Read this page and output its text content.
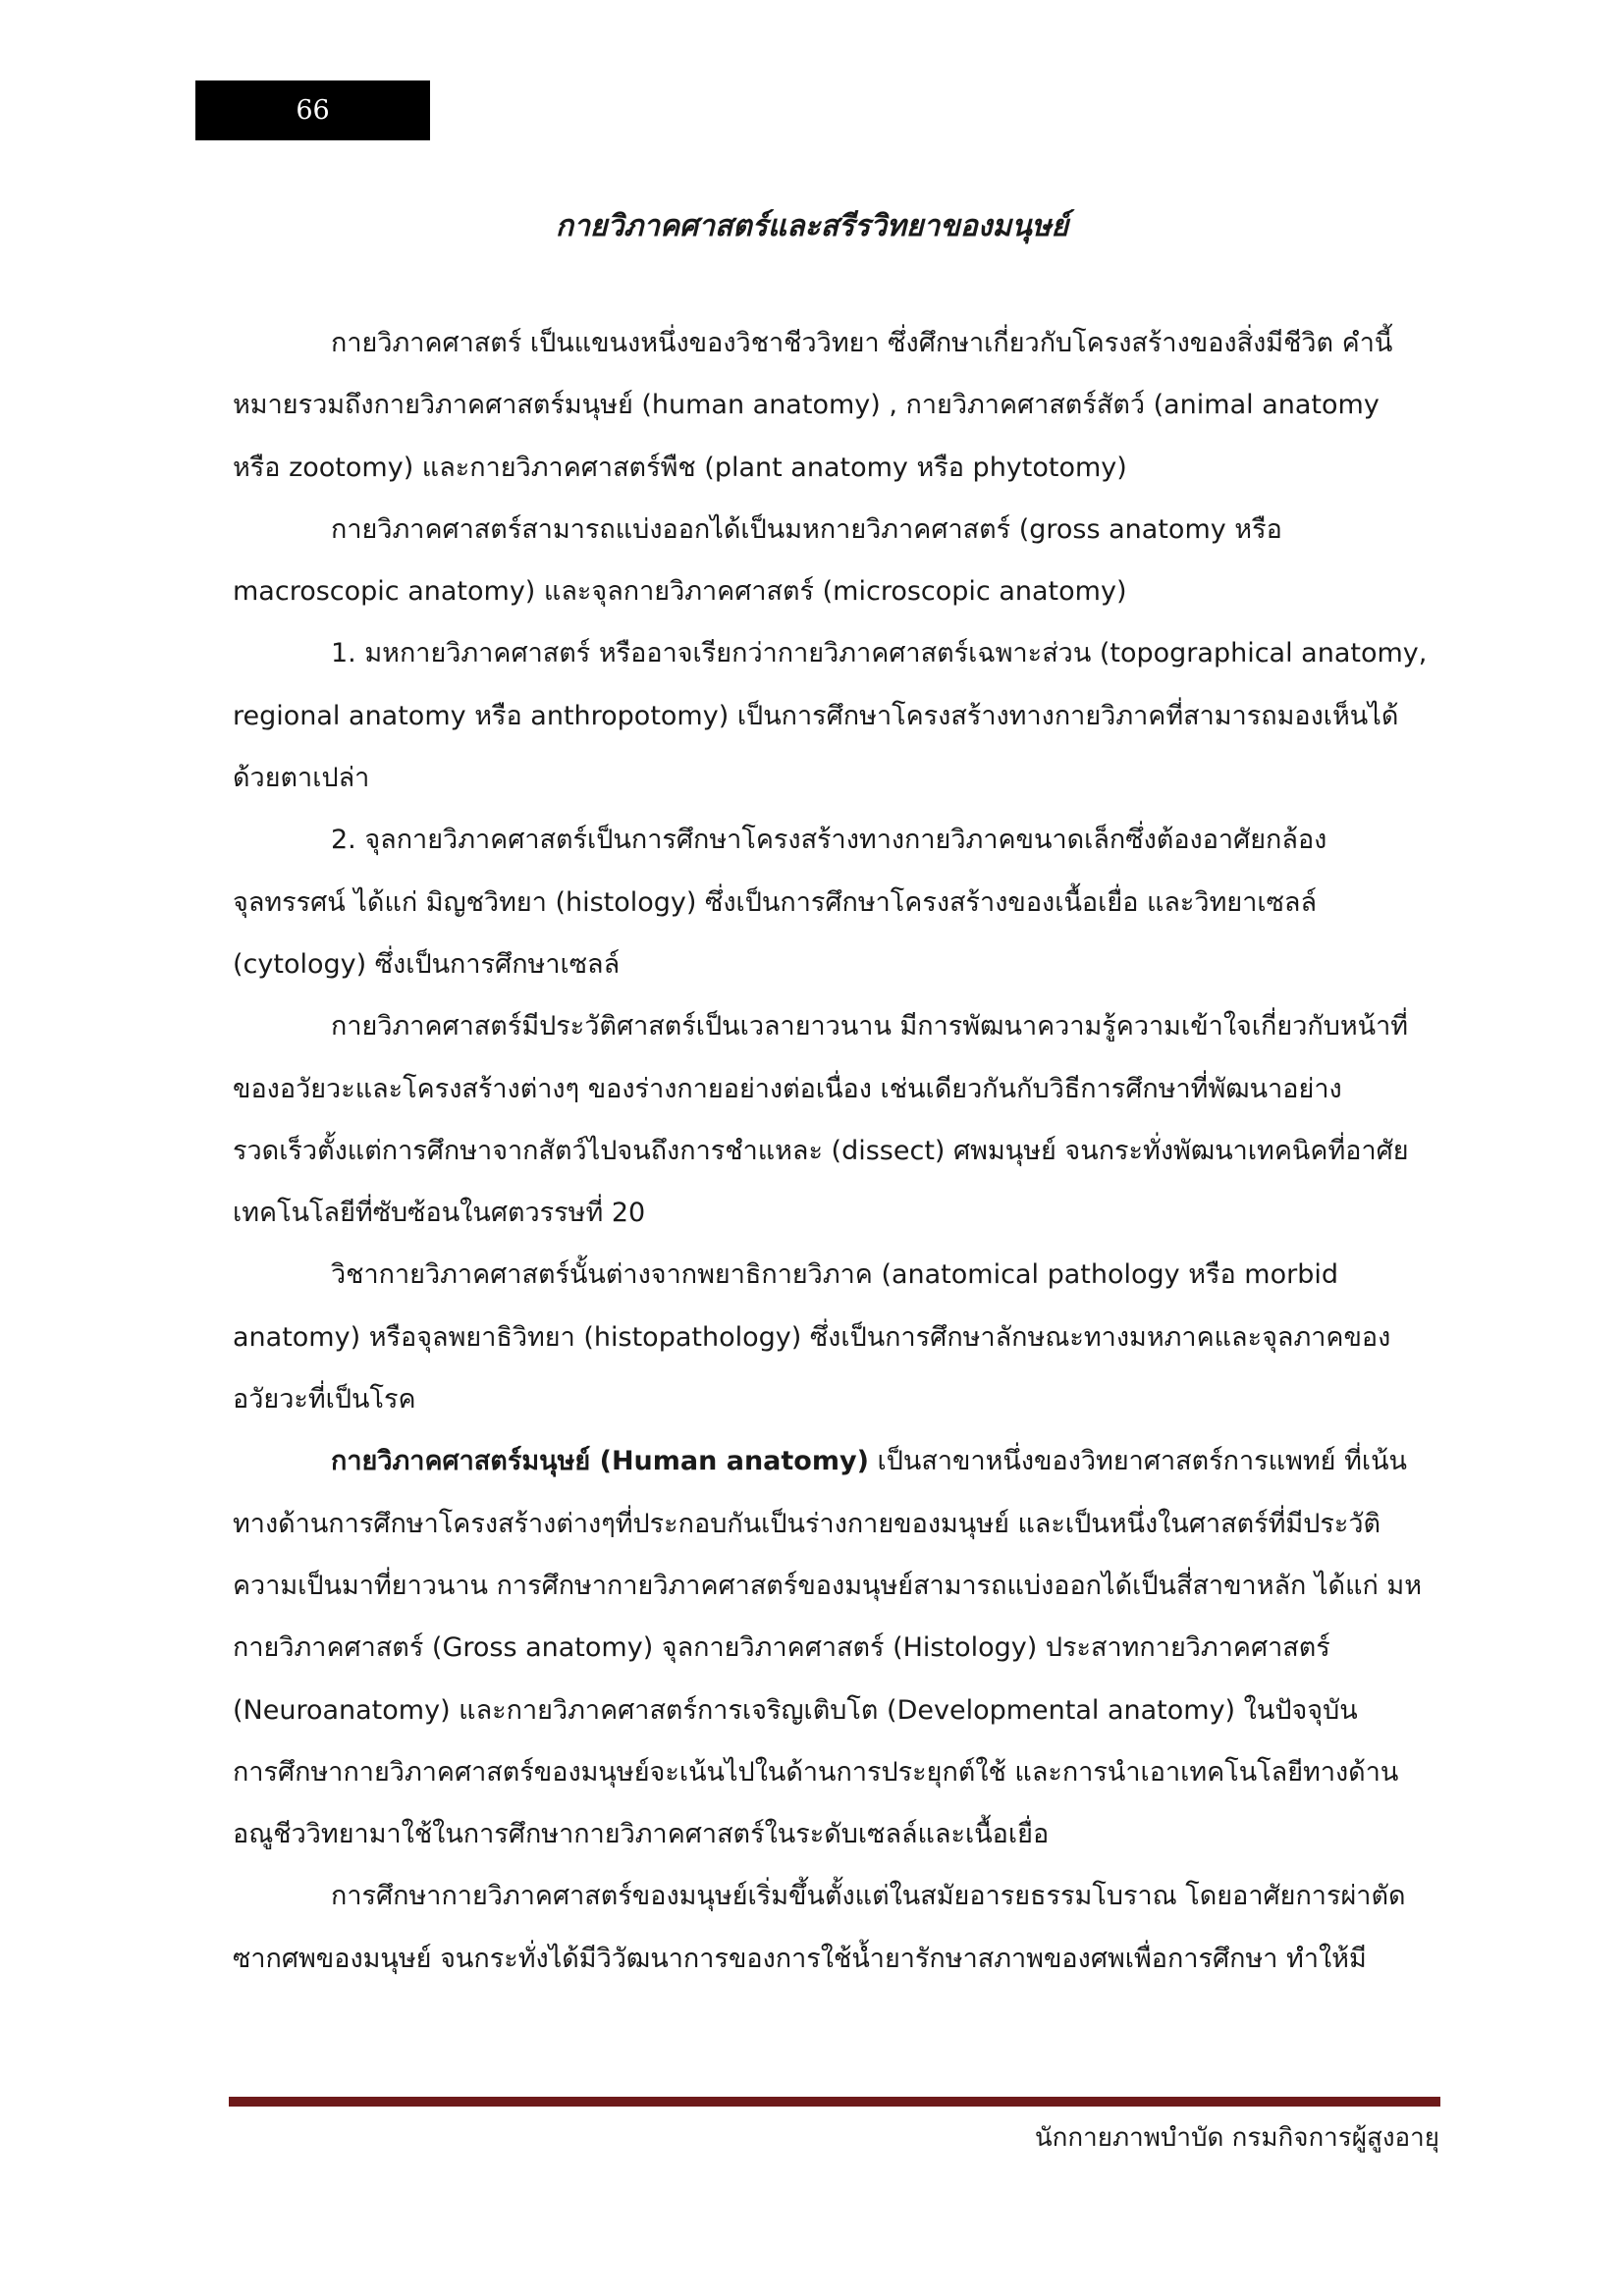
66
กายวิภาคศาสตร์และสรีรวิทยาของมนุษย์

กายวิภาคศาสตร์ เป็นแขนงหนึ่งของวิชาชีววิทยา ซึ่งศึกษาเกี่ยวกับโครงสร้างของสิ่งมีชีวิต คำนี้
หมายรวมถึงกายวิภาคศาสตร์มนุษย์ (human anatomy) , กายวิภาคศาสตร์สัตว์ (animal anatomy
หรือ zootomy) และกายวิภาคศาสตร์พืช (plant anatomy หรือ phytotomy)

กายวิภาคศาสตร์สามารถแบ่งออกได้เป็นมหกายวิภาคศาสตร์ (gross anatomy หรือ
macroscopic anatomy) และจุลกายวิภาคศาสตร์ (microscopic anatomy)

1. มหกายวิภาคศาสตร์ หรืออาจเรียกว่ากายวิภาคศาสตร์เฉพาะส่วน (topographical anatomy,
regional anatomy หรือ anthropotomy) เป็นการศึกษาโครงสร้างทางกายวิภาคที่สามารถมองเห็นได้
ด้วยตาเปล่า

2. จุลกายวิภาคศาสตร์เป็นการศึกษาโครงสร้างทางกายวิภาคขนาดเล็กซึ่งต้องอาศัยกล้อง
จุลทรรศน์ ได้แก่ มิญชวิทยา (histology) ซึ่งเป็นการศึกษาโครงสร้างของเนื้อเยื่อ และวิทยาเซลล์
(cytology) ซึ่งเป็นการศึกษาเซลล์

กายวิภาคศาสตร์มีประวัติศาสตร์เป็นเวลายาวนาน มีการพัฒนาความรู้ความเข้าใจเกี่ยวกับหน้าที่
ของอวัยวะและโครงสร้างต่างๆ ของร่างกายอย่างต่อเนื่อง เช่นเดียวกันกับวิธีการศึกษาที่พัฒนาอย่าง
รวดเร็วตั้งแต่การศึกษาจากสัตว์ไปจนถึงการชำแหละ (dissect) ศพมนุษย์ จนกระทั่งพัฒนาเทคนิคที่อาศัย
เทคโนโลยีที่ซับซ้อนในศตวรรษที่ 20

วิชากายวิภาคศาสตร์นั้นต่างจากพยาธิกายวิภาค (anatomical pathology หรือ morbid
anatomy) หรือจุลพยาธิวิทยา (histopathology) ซึ่งเป็นการศึกษาลักษณะทางมหภาคและจุลภาคของ
อวัยวะที่เป็นโรค

กายวิภาคศาสตร์มนุษย์ (Human anatomy) เป็นสาขาหนึ่งของวิทยาศาสตร์การแพทย์ ที่เน้น
ทางด้านการศึกษาโครงสร้างต่างๆที่ประกอบกันเป็นร่างกายของมนุษย์ และเป็นหนึ่งในศาสตร์ที่มีประวัติ
ความเป็นมาที่ยาวนาน การศึกษากายวิภาคศาสตร์ของมนุษย์สามารถแบ่งออกได้เป็นสี่สาขาหลัก ได้แก่ มห
กายวิภาคศาสตร์ (Gross anatomy) จุลกายวิภาคศาสตร์ (Histology) ประสาทกายวิภาคศาสตร์
(Neuroanatomy) และกายวิภาคศาสตร์การเจริญเติบโต (Developmental anatomy) ในปัจจุบัน
การศึกษากายวิภาคศาสตร์ของมนุษย์จะเน้นไปในด้านการประยุกต์ใช้ และการนำเอาเทคโนโลยีทางด้าน
อณูชีววิทยามาใช้ในการศึกษากายวิภาคศาสตร์ในระดับเซลล์และเนื้อเยื่อ

การศึกษากายวิภาคศาสตร์ของมนุษย์เริ่มขึ้นตั้งแต่ในสมัยอารยธรรมโบราณ โดยอาศัยการผ่าตัด
ซากศพของมนุษย์ จนกระทั่งได้มีวิวัฒนาการของการใช้น้ำยารักษาสภาพของศพเพื่อการศึกษา ทำให้มี

นักกายภาพบำบัด กรมกิจการผู้สูงอายุ
